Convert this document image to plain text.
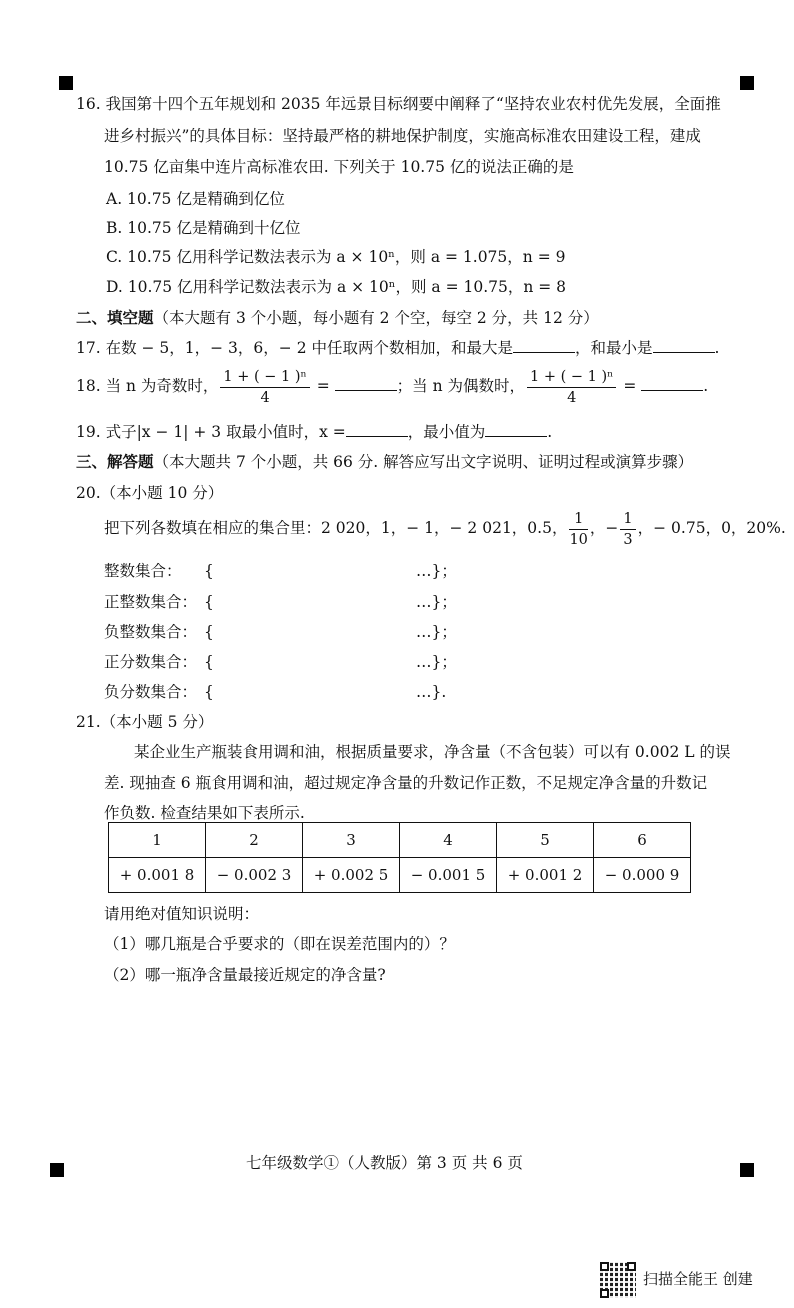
16. 我国第十四个五年规划和 2035 年远景目标纲要中阐释了“坚持农业农村优先发展，全面推
进乡村振兴”的具体目标：坚持最严格的耕地保护制度，实施高标准农田建设工程，建成
10.75 亿亩集中连片高标准农田. 下列关于 10.75 亿的说法正确的是
A. 10.75 亿是精确到亿位
B. 10.75 亿是精确到十亿位
C. 10.75 亿用科学记数法表示为 a × 10ⁿ，则 a = 1.075，n = 9
D. 10.75 亿用科学记数法表示为 a × 10ⁿ，则 a = 10.75，n = 8
二、填空题（本大题有 3 个小题，每小题有 2 个空，每空 2 分，共 12 分）
17. 在数 − 5，1，− 3，6，− 2 中任取两个数相加，和最大是	，和最小是	.
18. 当 n 为奇数时， $\frac{\text{1 + ( − 1 )ⁿ}}{4}$ =	；当 n 为偶数时， $\frac{\text{1 + ( − 1 )ⁿ}}{4}$ =	.
19. 式子|x − 1| + 3 取最小值时，x =	，最小值为	.
三、解答题（本大题共 7 个小题，共 66 分. 解答应写出文字说明、证明过程或演算步骤）
20.（本小题 10 分）
把下列各数填在相应的集合里：2 020，1，− 1，− 2 021，0.5， $\frac{1}{10}$ ，− $\frac{1}{3}$ ，− 0.75，0，20%.
整数集合： {	…}；
正整数集合： {	…}；
负整数集合： {	…}；
正分数集合： {	…}；
负分数集合： {	…}.
21.（本小题 5 分）
某企业生产瓶装食用调和油，根据质量要求，净含量（不含包装）可以有 0.002 L 的误
差. 现抽查 6 瓶食用调和油，超过规定净含量的升数记作正数，不足规定净含量的升数记
作负数. 检查结果如下表所示.
1	2	3	4	5	6
+ 0.001 8	− 0.002 3	+ 0.002 5	− 0.001 5	+ 0.001 2	− 0.000 9
请用绝对值知识说明：
（1）哪几瓶是合乎要求的（即在误差范围内的）？
（2）哪一瓶净含量最接近规定的净含量?
七年级数学①（人教版）第 3 页 共 6 页
扫描全能王 创建
